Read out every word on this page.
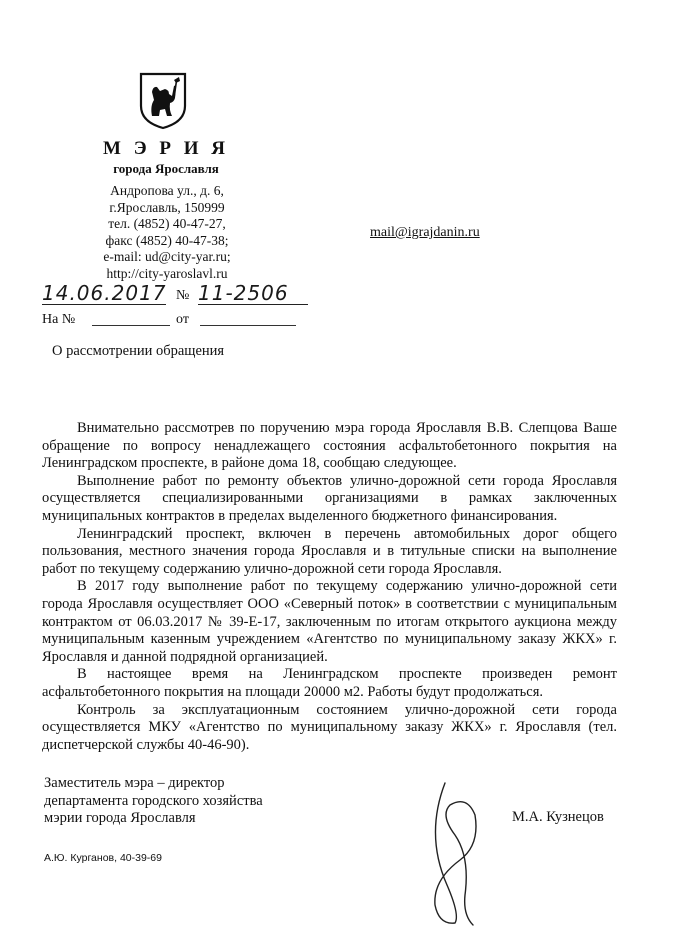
М Э Р И Я
города Ярославля
Андропова ул., д. 6,
г.Ярославль, 150999
тел. (4852) 40-47-27,
факс (4852) 40-47-38;
e-mail: ud@city-yar.ru;
http://city-yaroslavl.ru
mail@igrajdanin.ru
14.06.2017 № 11-2506
На №	от
О рассмотрении обращения

Внимательно рассмотрев по поручению мэра города Ярославля В.В. Слепцова Ваше обращение по вопросу ненадлежащего состояния асфальтобетонного покрытия на Ленинградском проспекте, в районе дома 18, сообщаю следующее.

Выполнение работ по ремонту объектов улично-дорожной сети города Ярославля осуществляется специализированными организациями в рамках заключенных муниципальных контрактов в пределах выделенного бюджетного финансирования.

Ленинградский проспект, включен в перечень автомобильных дорог общего пользования, местного значения города Ярославля и в титульные списки на выполнение работ по текущему содержанию улично-дорожной сети города Ярославля.

В 2017 году выполнение работ по текущему содержанию улично-дорожной сети города Ярославля осуществляет ООО «Северный поток» в соответствии с муниципальным контрактом от 06.03.2017 № 39-Е-17, заключенным по итогам открытого аукциона между муниципальным казенным учреждением «Агентство по муниципальному заказу ЖКХ» г. Ярославля и данной подрядной организацией.

В настоящее время на Ленинградском проспекте произведен ремонт асфальтобетонного покрытия на площади 20000 м2. Работы будут продолжаться.

Контроль за эксплуатационным состоянием улично-дорожной сети города осуществляется МКУ «Агентство по муниципальному заказу ЖКХ» г. Ярославля (тел. диспетчерской службы 40-46-90).

Заместитель мэра – директор
департамента городского хозяйства
мэрии города Ярославля	М.А. Кузнецов
А.Ю. Курганов, 40-39-69
